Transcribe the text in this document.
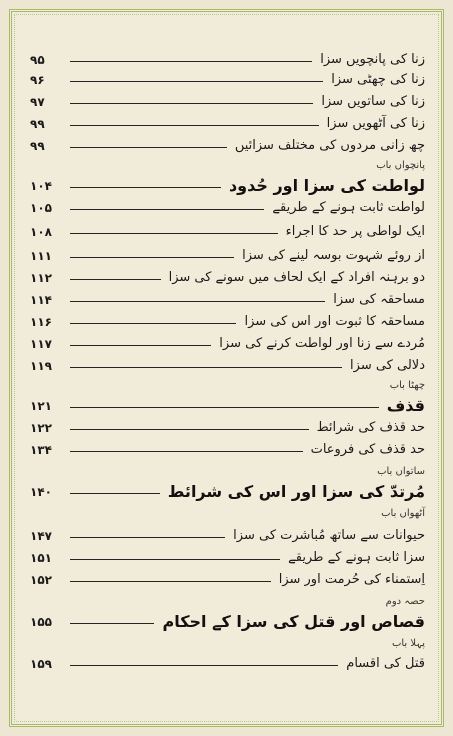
زنا کی پانچویں سزا
۹۵
زنا کی چھٹی سزا
۹۶
زنا کی ساتویں سزا
۹۷
زنا کی آٹھویں سزا
۹۹
چھ زانی مردوں کی مختلف سزائیں
۹۹
پانچواں باب
لواطت کی سزا اور حُدود
۱۰۴
لواطت ثابت ہونے کے طریقے
۱۰۵
ایک لواطی پر حد کا اجراء
۱۰۸
از روئے شہوت بوسہ لینے کی سزا
۱۱۱
دو برہنہ افراد کے ایک لحاف میں سونے کی سزا
۱۱۲
مساحقہ کی سزا
۱۱۴
مساحقہ کا ثبوت اور اس کی سزا
۱۱۶
مُردے سے زنا اور لواطت کرنے کی سزا
۱۱۷
دلالی کی سزا
۱۱۹
چھٹا باب
قذف
۱۲۱
حد قذف کی شرائط
۱۲۲
حد قذف کی فروعات
۱۳۴
ساتواں باب
مُرتدّ کی سزا اور اس کی شرائط
۱۴۰
آٹھواں باب
حیوانات سے ساتھ مُباشرت کی سزا
۱۴۷
سزا ثابت ہونے کے طریقے
۱۵۱
اِستمناء کی حُرمت اور سزا
۱۵۲
حصہ دوم
قصاص اور قتل کی سزا کے احکام
۱۵۵
پہلا باب
قتل کی اقسام
۱۵۹
